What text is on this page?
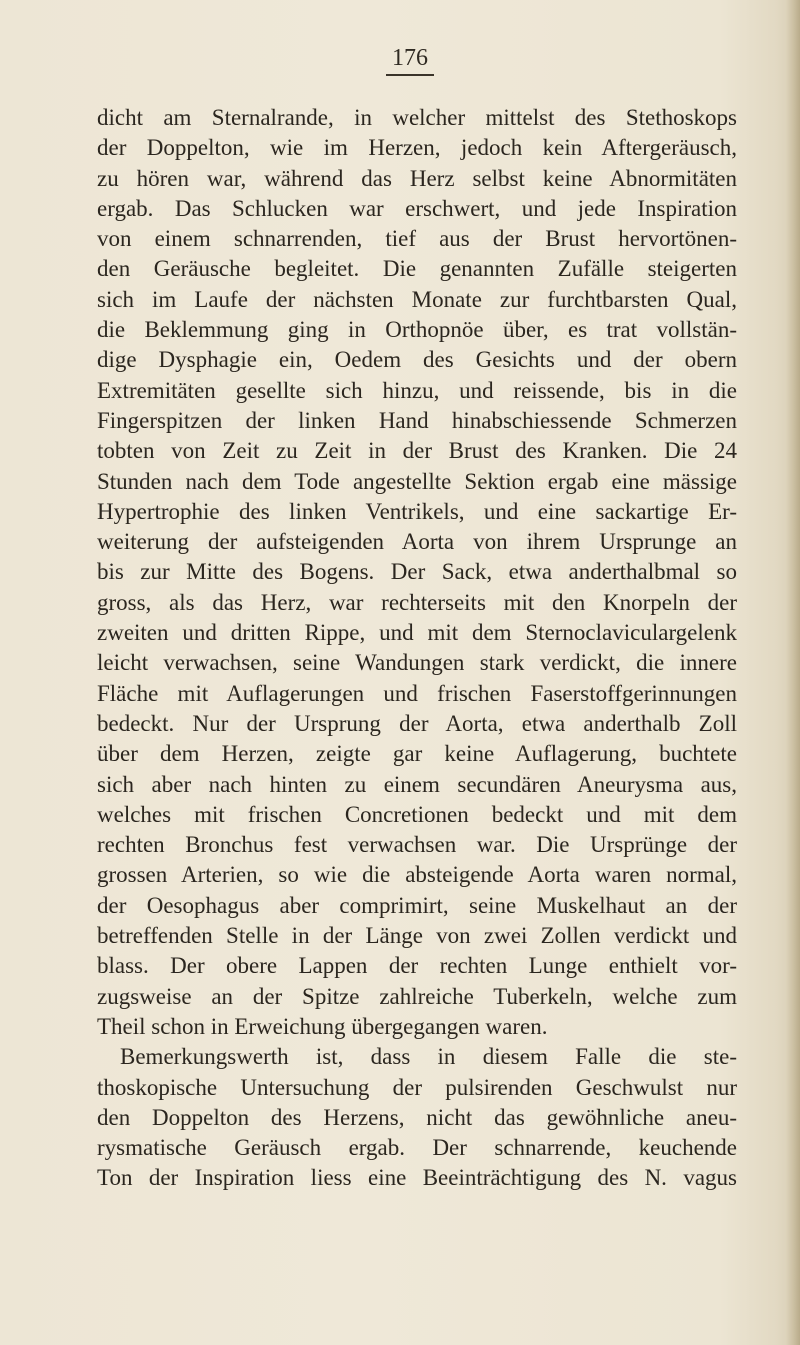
176

dicht am Sternalrande, in welcher mittelst des Stethoskops
der Doppelton, wie im Herzen, jedoch kein Aftergeräusch,
zu hören war, während das Herz selbst keine Abnormitäten
ergab. Das Schlucken war erschwert, und jede Inspiration
von einem schnarrenden, tief aus der Brust hervortönen-
den Geräusche begleitet. Die genannten Zufälle steigerten
sich im Laufe der nächsten Monate zur furchtbarsten Qual,
die Beklemmung ging in Orthopnöe über, es trat vollstän-
dige Dysphagie ein, Oedem des Gesichts und der obern
Extremitäten gesellte sich hinzu, und reissende, bis in die
Fingerspitzen der linken Hand hinabschiessende Schmerzen
tobten von Zeit zu Zeit in der Brust des Kranken. Die 24
Stunden nach dem Tode angestellte Sektion ergab eine mässige
Hypertrophie des linken Ventrikels, und eine sackartige Er-
weiterung der aufsteigenden Aorta von ihrem Ursprunge an
bis zur Mitte des Bogens. Der Sack, etwa anderthalbmal so
gross, als das Herz, war rechterseits mit den Knorpeln der
zweiten und dritten Rippe, und mit dem Sternoclaviculargelenk
leicht verwachsen, seine Wandungen stark verdickt, die innere
Fläche mit Auflagerungen und frischen Faserstoffgerinnungen
bedeckt. Nur der Ursprung der Aorta, etwa anderthalb Zoll
über dem Herzen, zeigte gar keine Auflagerung, buchtete
sich aber nach hinten zu einem secundären Aneurysma aus,
welches mit frischen Concretionen bedeckt und mit dem
rechten Bronchus fest verwachsen war. Die Ursprünge der
grossen Arterien, so wie die absteigende Aorta waren normal,
der Oesophagus aber comprimirt, seine Muskelhaut an der
betreffenden Stelle in der Länge von zwei Zollen verdickt und
blass. Der obere Lappen der rechten Lunge enthielt vor-
zugsweise an der Spitze zahlreiche Tuberkeln, welche zum
Theil schon in Erweichung übergegangen waren.
Bemerkungswerth ist, dass in diesem Falle die ste-
thoskopische Untersuchung der pulsirenden Geschwulst nur
den Doppelton des Herzens, nicht das gewöhnliche aneu-
rysmatische Geräusch ergab. Der schnarrende, keuchende
Ton der Inspiration liess eine Beeinträchtigung des N. vagus
